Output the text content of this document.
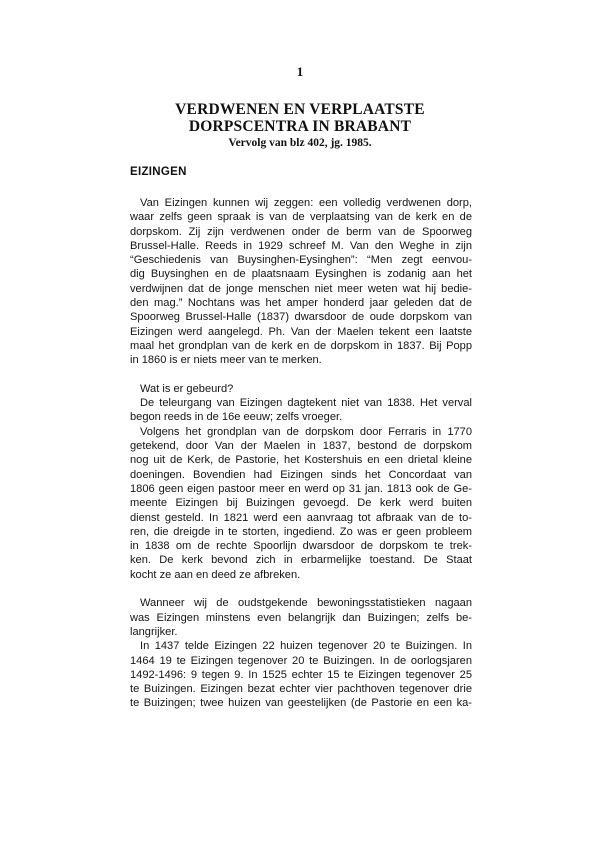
1
VERDWENEN EN VERPLAATSTE
DORPSCENTRA IN BRABANT
Vervolg van blz 402, jg. 1985.
EIZINGEN
Van Eizingen kunnen wij zeggen: een volledig verdwenen dorp,
waar zelfs geen spraak is van de verplaatsing van de kerk en de
dorpskom. Zij zijn verdwenen onder de berm van de Spoorweg
Brussel-Halle. Reeds in 1929 schreef M. Van den Weghe in zijn
“Geschiedenis van Buysinghen-Eysinghen”: “Men zegt eenvou-
dig Buysinghen en de plaatsnaam Eysinghen is zodanig aan het
verdwijnen dat de jonge menschen niet meer weten wat hij bedie-
den mag.” Nochtans was het amper honderd jaar geleden dat de
Spoorweg Brussel-Halle (1837) dwarsdoor de oude dorpskom van
Eizingen werd aangelegd. Ph. Van der Maelen tekent een laatste
maal het grondplan van de kerk en de dorpskom in 1837. Bij Popp
in 1860 is er niets meer van te merken.
Wat is er gebeurd?
De teleurgang van Eizingen dagtekent niet van 1838. Het verval
begon reeds in de 16e eeuw; zelfs vroeger.
Volgens het grondplan van de dorpskom door Ferraris in 1770
getekend, door Van der Maelen in 1837, bestond de dorpskom
nog uit de Kerk, de Pastorie, het Kostershuis en een drietal kleine
doeningen. Bovendien had Eizingen sinds het Concordaat van
1806 geen eigen pastoor meer en werd op 31 jan. 1813 ook de Ge-
meente Eizingen bij Buizingen gevoegd. De kerk werd buiten
dienst gesteld. In 1821 werd een aanvraag tot afbraak van de to-
ren, die dreigde in te storten, ingediend. Zo was er geen probleem
in 1838 om de rechte Spoorlijn dwarsdoor de dorpskom te trek-
ken. De kerk bevond zich in erbarmelijke toestand. De Staat
kocht ze aan en deed ze afbreken.
Wanneer wij de oudstgekende bewoningsstatistieken nagaan
was Eizingen minstens even belangrijk dan Buizingen; zelfs be-
langrijker.
In 1437 telde Eizingen 22 huizen tegenover 20 te Buizingen. In
1464 19 te Eizingen tegenover 20 te Buizingen. In de oorlogsjaren
1492-1496: 9 tegen 9. In 1525 echter 15 te Eizingen tegenover 25
te Buizingen. Eizingen bezat echter vier pachthoven tegenover drie
te Buizingen; twee huizen van geestelijken (de Pastorie en een ka-
